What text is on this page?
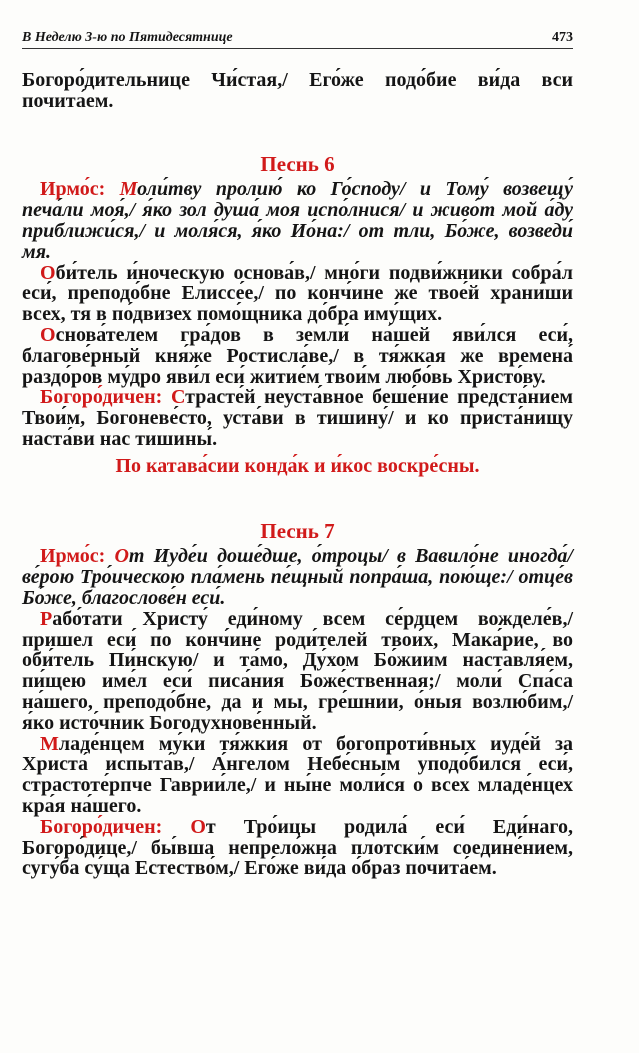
В Неделю 3-ю по Пятидесятнице	473

Богоро́дительнице Чи́стая,/ Его́же подо́бие ви́да вси почита́ем.

Песнь 6

Ирмо́с: Моли́тву пролию́ ко Го́споду/ и Тому́ возвещу́ печа́ли моя́,/ я́ко зол душа́ моя испо́лнися/ и живо́т мой а́ду приближи́ся,/ и моля́ся, я́ко Ио́на:/ от тли, Бо́же, возведи́ мя.

Оби́тель и́ноческую основа́в,/ мно́ги подви́жники собра́л еси́, преподо́бне Елиссе́е,/ по конч́ине же твое́й храни́ши всех, тя в по́двизех помо́щника до́бра иму́щих.

Основа́телем гра́дов в земли́ на́шей яви́лся еси́, благове́рный кня́же Ростисла́ве,/ в тя́жкая же времена́ раздо́ров му́дро яви́л еси́ житие́м твои́м любо́вь Христо́ву.

Богоро́дичен: Страсте́й неуста́вное беше́ние предста́нием Твои́м, Богоневе́сто, уста́ви в тишину́/ и ко приста́нищу наста́ви нас тишины́.

По катава́сии конда́к и и́кос воскре́сны.

Песнь 7

Ирмо́с: От Иуде́и доше́дше, о́троцы/ в Вавило́не иногда́/ ве́рою Тро́ическою пла́мень пе́щный попра́ша, пою́ще:/ отце́в Бо́же, благослове́н еси́.

Рабо́тати Христу́ еди́ному всем се́рдцем вожделе́в,/ пришел еси́ по конч́ине роди́телей твои́х, Мака́рие, во оби́тель Пи́нскую/ и та́мо, Ду́хом Бо́жиим наставля́ем, пи́щею име́л еси́ писа́ния Боже́ственная;/ моли́ Спа́са на́шего, преподо́бне, да и мы, гре́шнии, о́ныя возлю́бим,/ я́ко исто́чник Богодухнове́нный.

Младе́нцем му́ки тя́жкия от богопроти́вных иуде́й за Христа́ испыта́в,/ А́нгелом Небе́сным уподо́бился еси́, страстоте́рпче Гаврии́ле,/ и ны́не моли́ся о всех младе́нцех кра́я на́шего.

Богоро́дичен: От Тро́ицы родила́ еси́ Еди́наго, Богоро́дице,/ бы́вша непрело́жна плотски́м соедине́нием, сугу́ба су́ща Естество́м,/ Его́же ви́да о́браз почита́ем.
